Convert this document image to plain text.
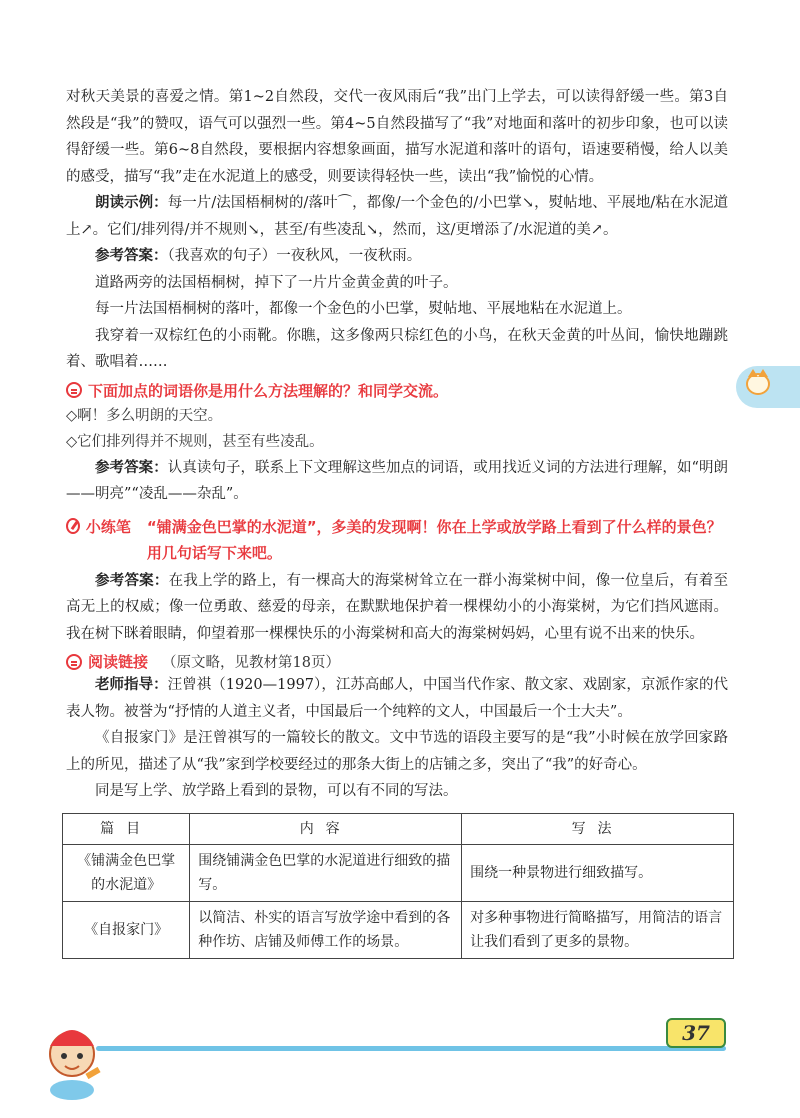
对秋天美景的喜爱之情。第1~2自然段，交代一夜风雨后“我”出门上学去，可以读得舒缓一些。第3自然段是“我”的赞叹，语气可以强烈一些。第4~5自然段描写了“我”对地面和落叶的初步印象，也可以读得舒缓一些。第6~8自然段，要根据内容想象画面，描写水泥道和落叶的语句，语速要稍慢，给人以美的感受，描写“我”走在水泥道上的感受，则要读得轻快一些，读出“我”愉悦的心情。

朗读示例：每一片/法国梧桐树的/落叶⌒，都像/一个金色的/小巴掌↘，熨帖地、平展地/粘在水泥道上↗。它们/排列得/并不规则↘，甚至/有些凌乱↘，然而，这/更增添了/水泥道的美↗。

参考答案：（我喜欢的句子）一夜秋风，一夜秋雨。

道路两旁的法国梧桐树，掉下了一片片金黄金黄的叶子。

每一片法国梧桐树的落叶，都像一个金色的小巴掌，熨帖地、平展地粘在水泥道上。

我穿着一双棕红色的小雨靴。你瞧，这多像两只棕红色的小鸟，在秋天金黄的叶丛间，愉快地蹦跳着、歌唱着……

下面加点的词语你是用什么方法理解的？和同学交流。
◇啊！多么明朗的天空。
◇它们排列得并不规则，甚至有些凌乱。

参考答案：认真读句子，联系上下文理解这些加点的词语，或用找近义词的方法进行理解，如“明朗——明亮”“凌乱——杂乱”。

小练笔 “铺满金色巴掌的水泥道”，多美的发现啊！你在上学或放学路上看到了什么样的景色？用几句话写下来吧。

参考答案：在我上学的路上，有一棵高大的海棠树耸立在一群小海棠树中间，像一位皇后，有着至高无上的权威；像一位勇敢、慈爱的母亲，在默默地保护着一棵棵幼小的小海棠树，为它们挡风遮雨。我在树下眯着眼睛，仰望着那一棵棵快乐的小海棠树和高大的海棠树妈妈，心里有说不出来的快乐。

阅读链接 （原文略，见教材第18页）

老师指导：汪曾祺（1920—1997），江苏高邮人，中国当代作家、散文家、戏剧家，京派作家的代表人物。被誉为“抒情的人道主义者，中国最后一个纯粹的文人，中国最后一个士大夫”。

《自报家门》是汪曾祺写的一篇较长的散文。文中节选的语段主要写的是“我”小时候在放学回家路上的所见，描述了从“我”家到学校要经过的那条大街上的店铺之多，突出了“我”的好奇心。

同是写上学、放学路上看到的景物，可以有不同的写法。

篇目	内容	写法
《铺满金色巴掌的水泥道》	围绕铺满金色巴掌的水泥道进行细致的描写。	围绕一种景物进行细致描写。
《自报家门》	以简洁、朴实的语言写放学途中看到的各种作坊、店铺及师傅工作的场景。	对多种事物进行简略描写，用简洁的语言让我们看到了更多的景物。
37
